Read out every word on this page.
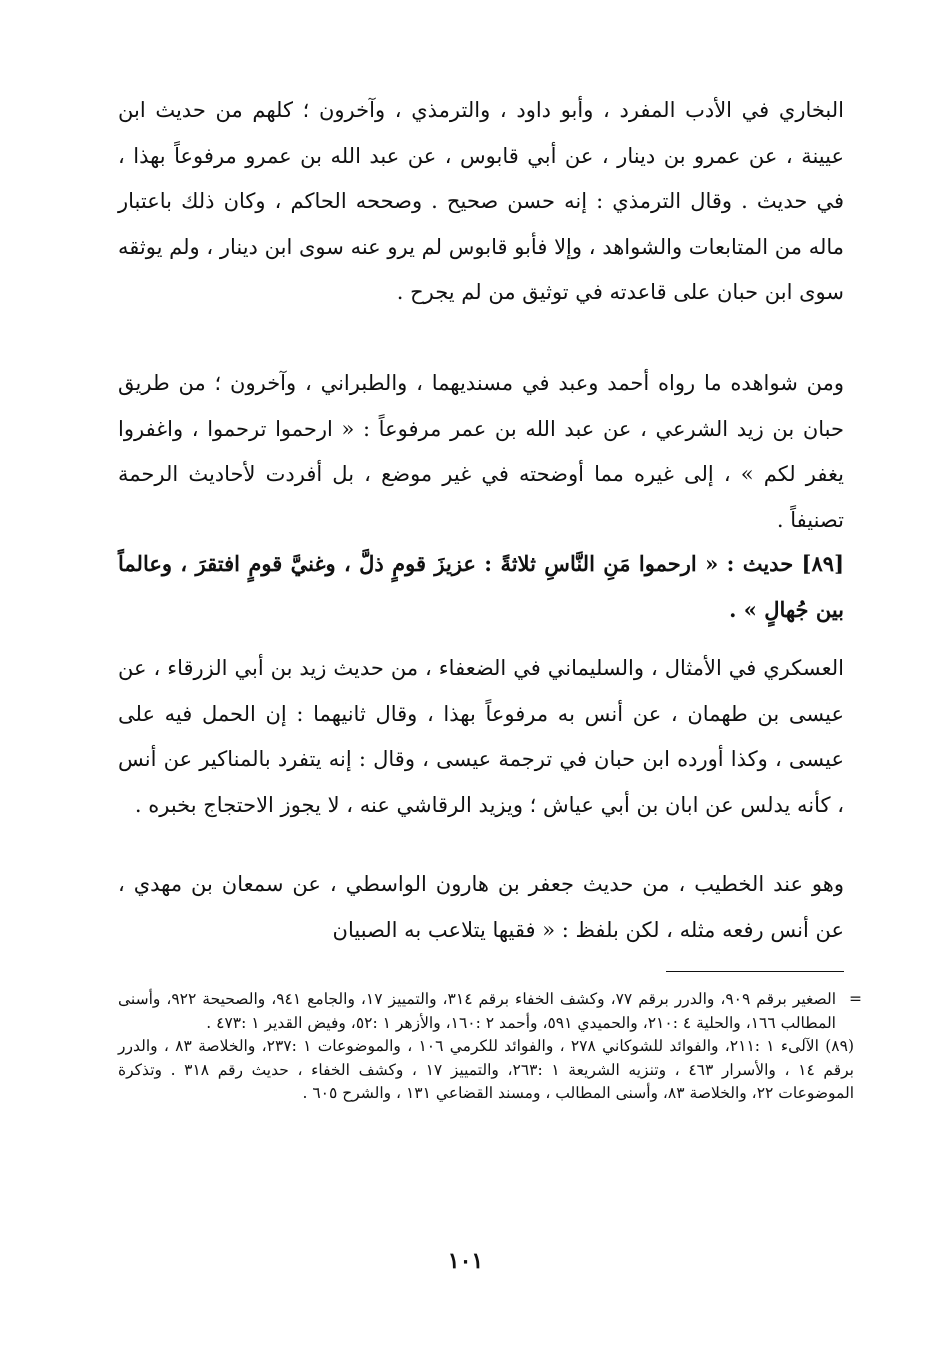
البخاري في الأدب المفرد ، وأبو داود ، والترمذي ، وآخرون ؛ كلهم من حديث ابن عيينة ، عن عمرو بن دينار ، عن أبي قابوس ، عن عبد الله بن عمرو مرفوعاً بهذا ، في حديث . وقال الترمذي : إنه حسن صحيح . وصححه الحاكم ، وكان ذلك باعتبار ماله من المتابعات والشواهد ، وإلا فأبو قابوس لم يرو عنه سوى ابن دينار ، ولم يوثقه سوى ابن حبان على قاعدته في توثيق من لم يجرح .

ومن شواهده ما رواه أحمد وعبد في مسنديهما ، والطبراني ، وآخرون ؛ من طريق حبان بن زيد الشرعي ، عن عبد الله بن عمر مرفوعاً : « ارحموا ترحموا ، واغفروا يغفر لكم » ، إلى غيره مما أوضحته في غير موضع ، بل أفردت لأحاديث الرحمة تصنيفاً .

[٨٩] حديث : « ارحموا مَنِ النَّاسِ ثلاثةً : عزيزَ قومٍ ذلَّ ، وغنيَّ قومٍ افتقرَ ، وعالماً بين جُهالٍ » .

العسكري في الأمثال ، والسليماني في الضعفاء ، من حديث زيد بن أبي الزرقاء ، عن عيسى بن طهمان ، عن أنس به مرفوعاً بهذا ، وقال ثانيهما : إن الحمل فيه على عيسى ، وكذا أورده ابن حبان في ترجمة عيسى ، وقال : إنه يتفرد بالمناكير عن أنس ، كأنه يدلس عن ابان بن أبي عياش ؛ ويزيد الرقاشي عنه ، لا يجوز الاحتجاج بخبره .

وهو عند الخطيب ، من حديث جعفر بن هارون الواسطي ، عن سمعان بن مهدي ، عن أنس رفعه مثله ، لكن بلفظ : « فقيها يتلاعب به الصبيان

=
الصغير برقم ٩٠٩، والدرر برقم ٧٧، وكشف الخفاء برقم ٣١٤، والتمييز ١٧، والجامع ٩٤١، والصحيحة ٩٢٢، وأسنى المطالب ١٦٦، والحلية ٤ :٢١٠، والحميدي ٥٩١، وأحمد ٢ :١٦٠، والأزهر ١ :٥٢، وفيض القدير ١ :٤٧٣ .

(٨٩) الآلىء ١ :٢١١، والفوائد للشوكاني ٢٧٨ ، والفوائد للكرمي ١٠٦ ، والموضوعات ١ :٢٣٧، والخلاصة ٨٣ ، والدرر برقم ١٤ ، والأسرار ٤٦٣ ، وتنزيه الشريعة ١ :٢٦٣، والتمييز ١٧ ، وكشف الخفاء ، حديث رقم ٣١٨ . وتذكرة الموضوعات ٢٢، والخلاصة ٨٣، وأسنى المطالب ، ومسند القضاعي ١٣١ ، والشرح ٦٠٥ .

١٠١
